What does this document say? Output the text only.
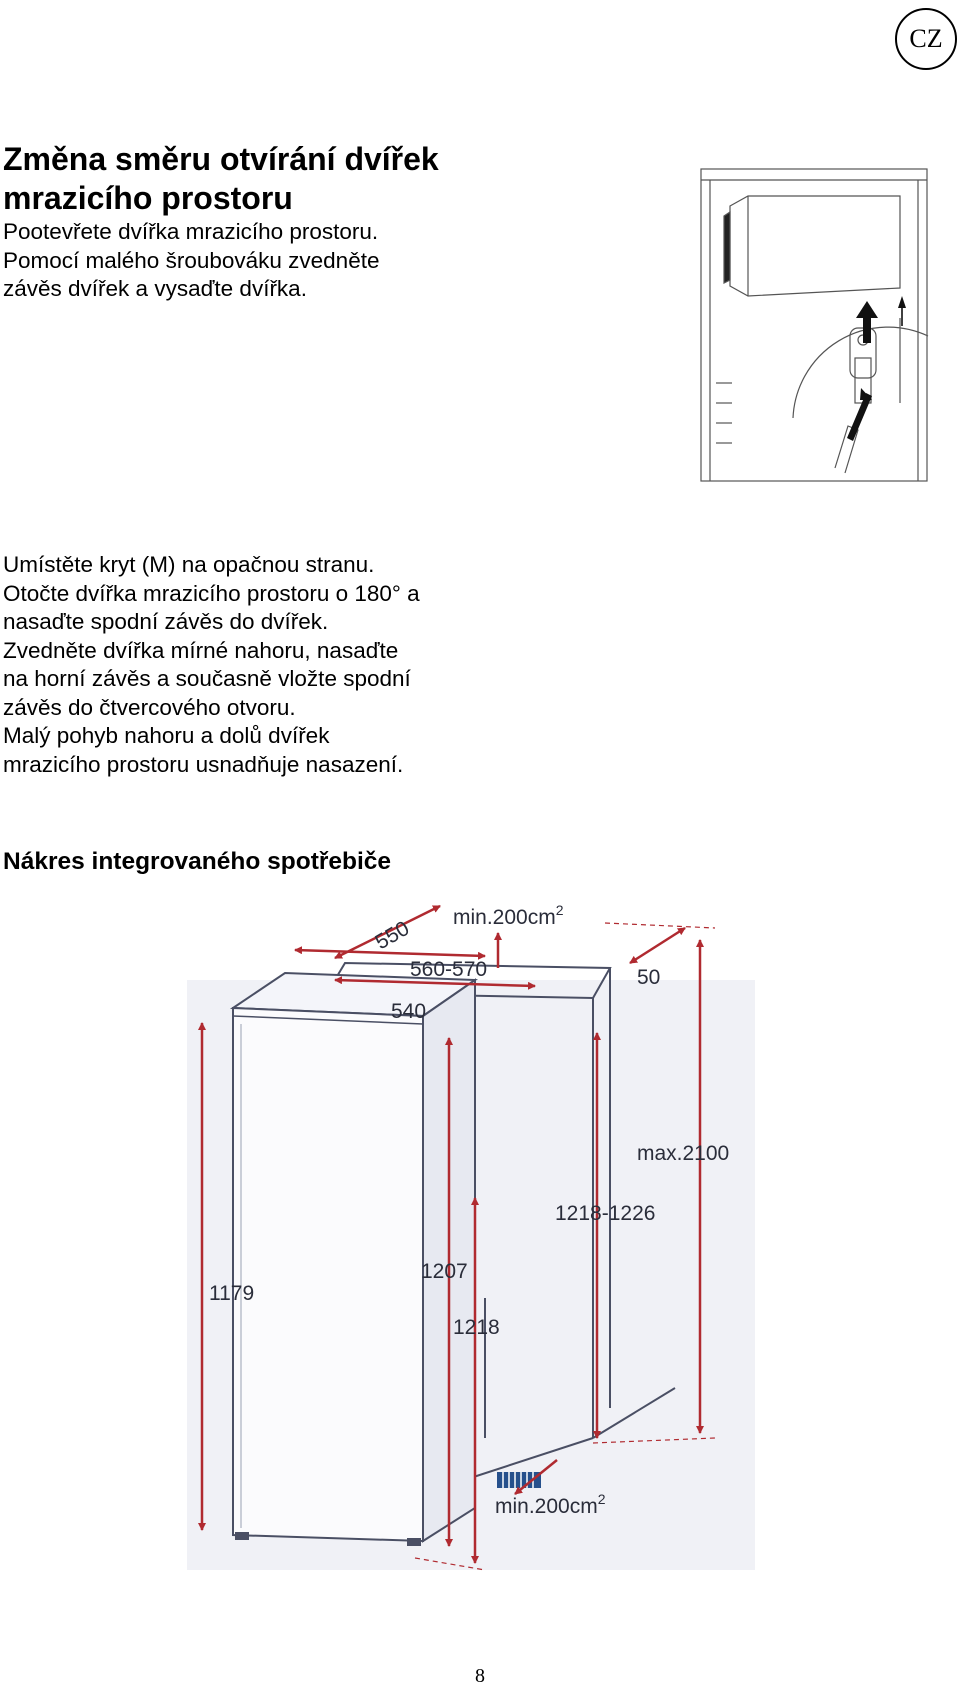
CZ
Změna směru otvírání dvířek
mrazicího prostoru
Pootevřete dvířka mrazicího prostoru.
Pomocí malého šroubováku zvedněte
závěs dvířek a vysaďte dvířka.
Umístěte kryt (M) na opačnou stranu.
Otočte dvířka mrazicího prostoru o 180° a
nasaďte spodní závěs do dvířek.
Zvedněte dvířka mírné nahoru, nasaďte
na horní závěs a současně vložte spodní
závěs do čtvercového otvoru.
Malý pohyb nahoru a dolů dvířek
mrazicího prostoru usnadňuje nasazení.
Nákres integrovaného spotřebiče
$\min.200cm^2$
550
560-570	50
540
max.2100
1218-1226
1179
1207
1218
$\min.200cm^2$
8
